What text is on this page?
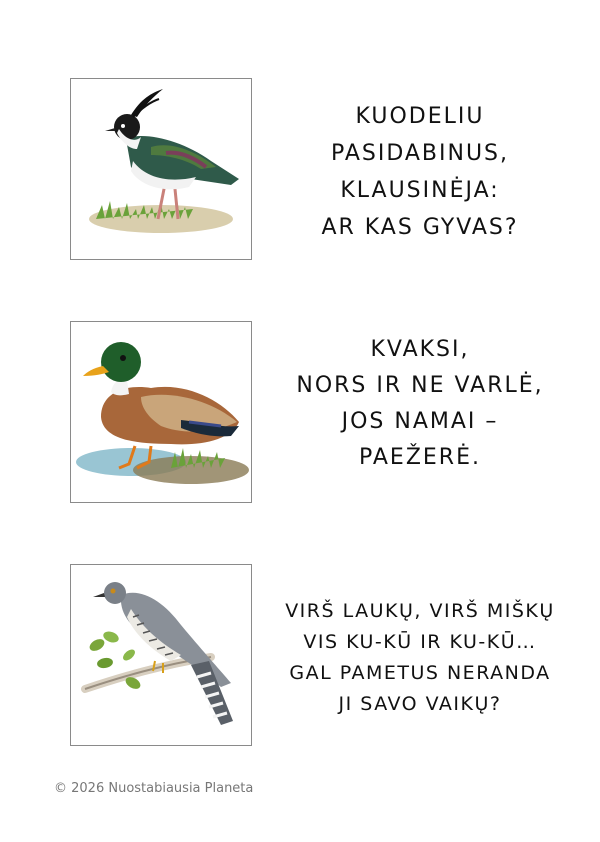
KUODELIU
PASIDABINUS,
KLAUSINĖJA:
AR KAS GYVAS?
KVAKSI,
NORS IR NE VARLĖ,
JOS NAMAI –
PAEŽERĖ.
VIRŠ LAUKŲ, VIRŠ MIŠKŲ
VIS KU-KŪ IR KU-KŪ…
GAL PAMETUS NERANDA
JI SAVO VAIKŲ?
© 2026 Nuostabiausia Planeta
